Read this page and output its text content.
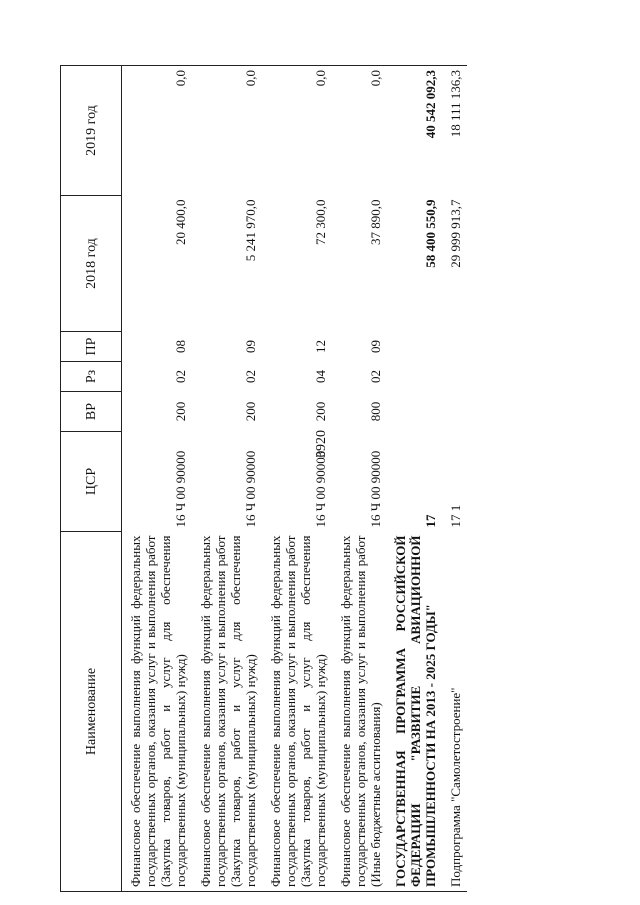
3920
Наименование	ЦСР	ВР	Рз	ПР	2018 год	2019 год
Финансовое обеспечение выполнения функций федеральных государственных органов, оказания услуг и выполнения работ (Закупка товаров, работ и услуг для обеспечения государственных (муниципальных) нужд)	16 Ч 00 90000	200	02	08	20 400,0	0,0
Финансовое обеспечение выполнения функций федеральных государственных органов, оказания услуг и выполнения работ (Закупка товаров, работ и услуг для обеспечения государственных (муниципальных) нужд)	16 Ч 00 90000	200	02	09	5 241 970,0	0,0
Финансовое обеспечение выполнения функций федеральных государственных органов, оказания услуг и выполнения работ (Закупка товаров, работ и услуг для обеспечения государственных (муниципальных) нужд)	16 Ч 00 90000	200	04	12	72 300,0	0,0
Финансовое обеспечение выполнения функций федеральных государственных органов, оказания услуг и выполнения работ (Иные бюджетные ассигнования)	16 Ч 00 90000	800	02	09	37 890,0	0,0
ГОСУДАРСТВЕННАЯ ПРОГРАММА РОССИЙСКОЙ ФЕДЕРАЦИИ "РАЗВИТИЕ АВИАЦИОННОЙ ПРОМЫШЛЕННОСТИ НА 2013 - 2025 ГОДЫ"	17				58 400 550,9	40 542 092,3
Подпрограмма "Самолетостроение"	17 1				29 999 913,7	18 111 136,3
